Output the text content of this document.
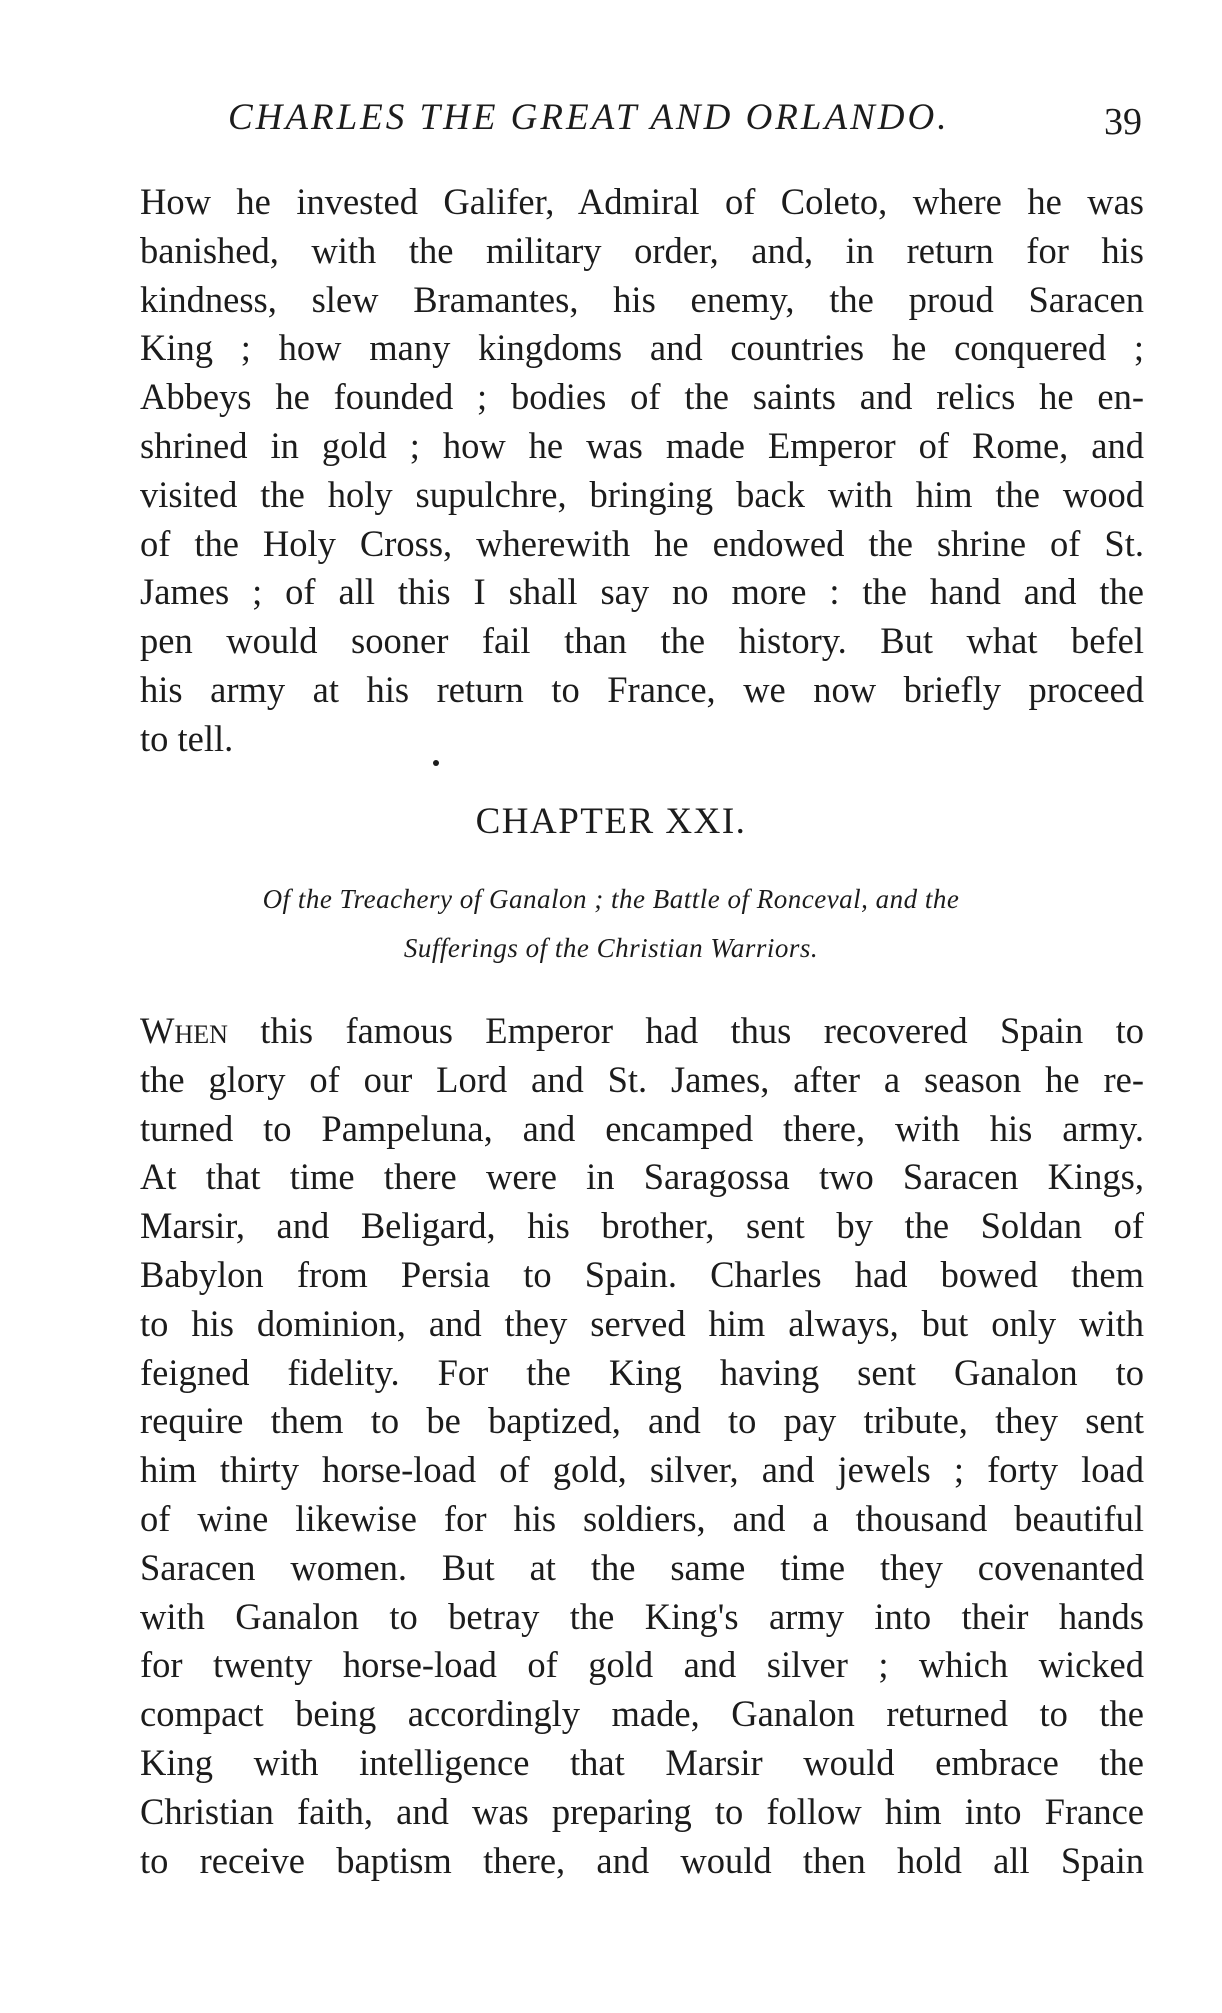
CHARLES THE GREAT AND ORLANDO.	39
How he invested Galifer, Admiral of Coleto, where he was
banished, with the military order, and, in return for his
kindness, slew Bramantes, his enemy, the proud Saracen
King ; how many kingdoms and countries he conquered ;
Abbeys he founded ; bodies of the saints and relics he en-
shrined in gold ; how he was made Emperor of Rome, and
visited the holy supulchre, bringing back with him the wood
of the Holy Cross, wherewith he endowed the shrine of St.
James ; of all this I shall say no more : the hand and the
pen would sooner fail than the history. But what befel
his army at his return to France, we now briefly proceed
to tell.
CHAPTER XXI.
Of the Treachery of Ganalon ; the Battle of Ronceval, and the
Sufferings of the Christian Warriors.
When this famous Emperor had thus recovered Spain to
the glory of our Lord and St. James, after a season he re-
turned to Pampeluna, and encamped there, with his army.
At that time there were in Saragossa two Saracen Kings,
Marsir, and Beligard, his brother, sent by the Soldan of
Babylon from Persia to Spain. Charles had bowed them
to his dominion, and they served him always, but only with
feigned fidelity. For the King having sent Ganalon to
require them to be baptized, and to pay tribute, they sent
him thirty horse-load of gold, silver, and jewels ; forty load
of wine likewise for his soldiers, and a thousand beautiful
Saracen women. But at the same time they covenanted
with Ganalon to betray the King's army into their hands
for twenty horse-load of gold and silver ; which wicked
compact being accordingly made, Ganalon returned to the
King with intelligence that Marsir would embrace the
Christian faith, and was preparing to follow him into France
to receive baptism there, and would then hold all Spain
